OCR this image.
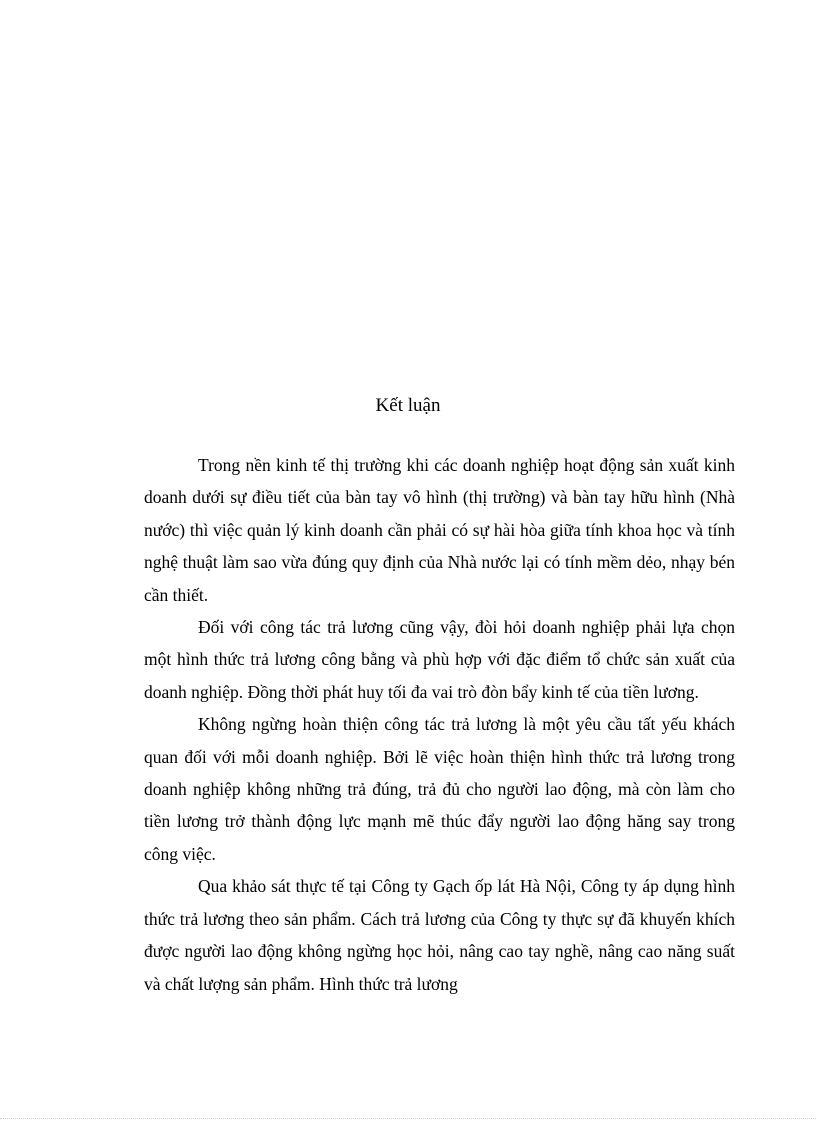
Kết luận

Trong nền kinh tế thị trường khi các doanh nghiệp hoạt động sản xuất kinh doanh dưới sự điều tiết của bàn tay vô hình (thị trường) và bàn tay hữu hình (Nhà nước) thì việc quản lý kinh doanh cần phải có sự hài hòa giữa tính khoa học và tính nghệ thuật làm sao vừa đúng quy định của Nhà nước lại có tính mềm dẻo, nhạy bén cần thiết.

Đối với công tác trả lương cũng vậy, đòi hỏi doanh nghiệp phải lựa chọn một hình thức trả lương công bằng và phù hợp với đặc điểm tổ chức sản xuất của doanh nghiệp. Đồng thời phát huy tối đa vai trò đòn bẩy kinh tế của tiền lương.

Không ngừng hoàn thiện công tác trả lương là một yêu cầu tất yếu khách quan đối với mỗi doanh nghiệp. Bởi lẽ việc hoàn thiện hình thức trả lương trong doanh nghiệp không những trả đúng, trả đủ cho người lao động, mà còn làm cho tiền lương trở thành động lực mạnh mẽ thúc đẩy người lao động hăng say trong công việc.

Qua khảo sát thực tế tại Công ty Gạch ốp lát Hà Nội, Công ty áp dụng hình thức trả lương theo sản phẩm. Cách trả lương của Công ty thực sự đã khuyến khích được người lao động không ngừng học hỏi, nâng cao tay nghề, nâng cao năng suất và chất lượng sản phẩm. Hình thức trả lương
